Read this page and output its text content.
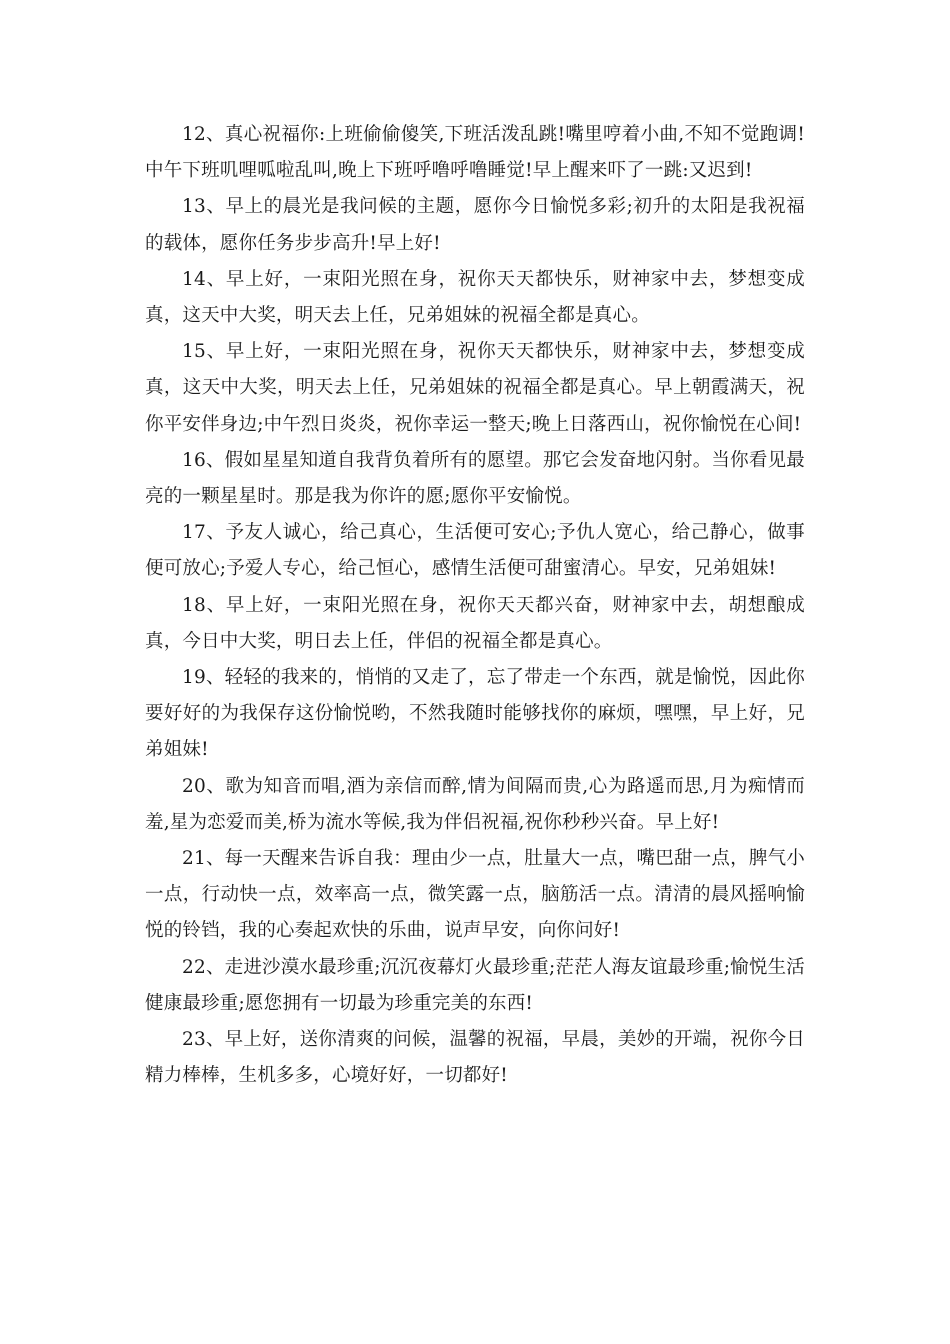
12、真心祝福你:上班偷偷傻笑,下班活泼乱跳!嘴里哼着小曲,不知不觉跑调!中午下班叽哩呱啦乱叫,晚上下班呼噜呼噜睡觉!早上醒来吓了一跳:又迟到!

13、早上的晨光是我问候的主题，愿你今日愉悦多彩;初升的太阳是我祝福的载体，愿你任务步步高升!早上好!

14、早上好，一束阳光照在身，祝你天天都快乐，财神家中去，梦想变成真，这天中大奖，明天去上任，兄弟姐妹的祝福全都是真心。

15、早上好，一束阳光照在身，祝你天天都快乐，财神家中去，梦想变成真，这天中大奖，明天去上任，兄弟姐妹的祝福全都是真心。早上朝霞满天，祝你平安伴身边;中午烈日炎炎，祝你幸运一整天;晚上日落西山，祝你愉悦在心间!

16、假如星星知道自我背负着所有的愿望。那它会发奋地闪射。当你看见最亮的一颗星星时。那是我为你许的愿;愿你平安愉悦。

17、予友人诚心，给己真心，生活便可安心;予仇人宽心，给己静心，做事便可放心;予爱人专心，给己恒心，感情生活便可甜蜜清心。早安，兄弟姐妹!

18、早上好，一束阳光照在身，祝你天天都兴奋，财神家中去，胡想酿成真，今日中大奖，明日去上任，伴侣的祝福全都是真心。

19、轻轻的我来的，悄悄的又走了，忘了带走一个东西，就是愉悦，因此你要好好的为我保存这份愉悦哟，不然我随时能够找你的麻烦，嘿嘿，早上好，兄弟姐妹!

20、歌为知音而唱,酒为亲信而醉,情为间隔而贵,心为路遥而思,月为痴情而羞,星为恋爱而美,桥为流水等候,我为伴侣祝福,祝你秒秒兴奋。早上好!

21、每一天醒来告诉自我：理由少一点，肚量大一点，嘴巴甜一点，脾气小一点，行动快一点，效率高一点，微笑露一点，脑筋活一点。清清的晨风摇响愉悦的铃铛，我的心奏起欢快的乐曲，说声早安，向你问好!

22、走进沙漠水最珍重;沉沉夜幕灯火最珍重;茫茫人海友谊最珍重;愉悦生活健康最珍重;愿您拥有一切最为珍重完美的东西!

23、早上好，送你清爽的问候，温馨的祝福，早晨，美妙的开端，祝你今日精力棒棒，生机多多，心境好好，一切都好!
